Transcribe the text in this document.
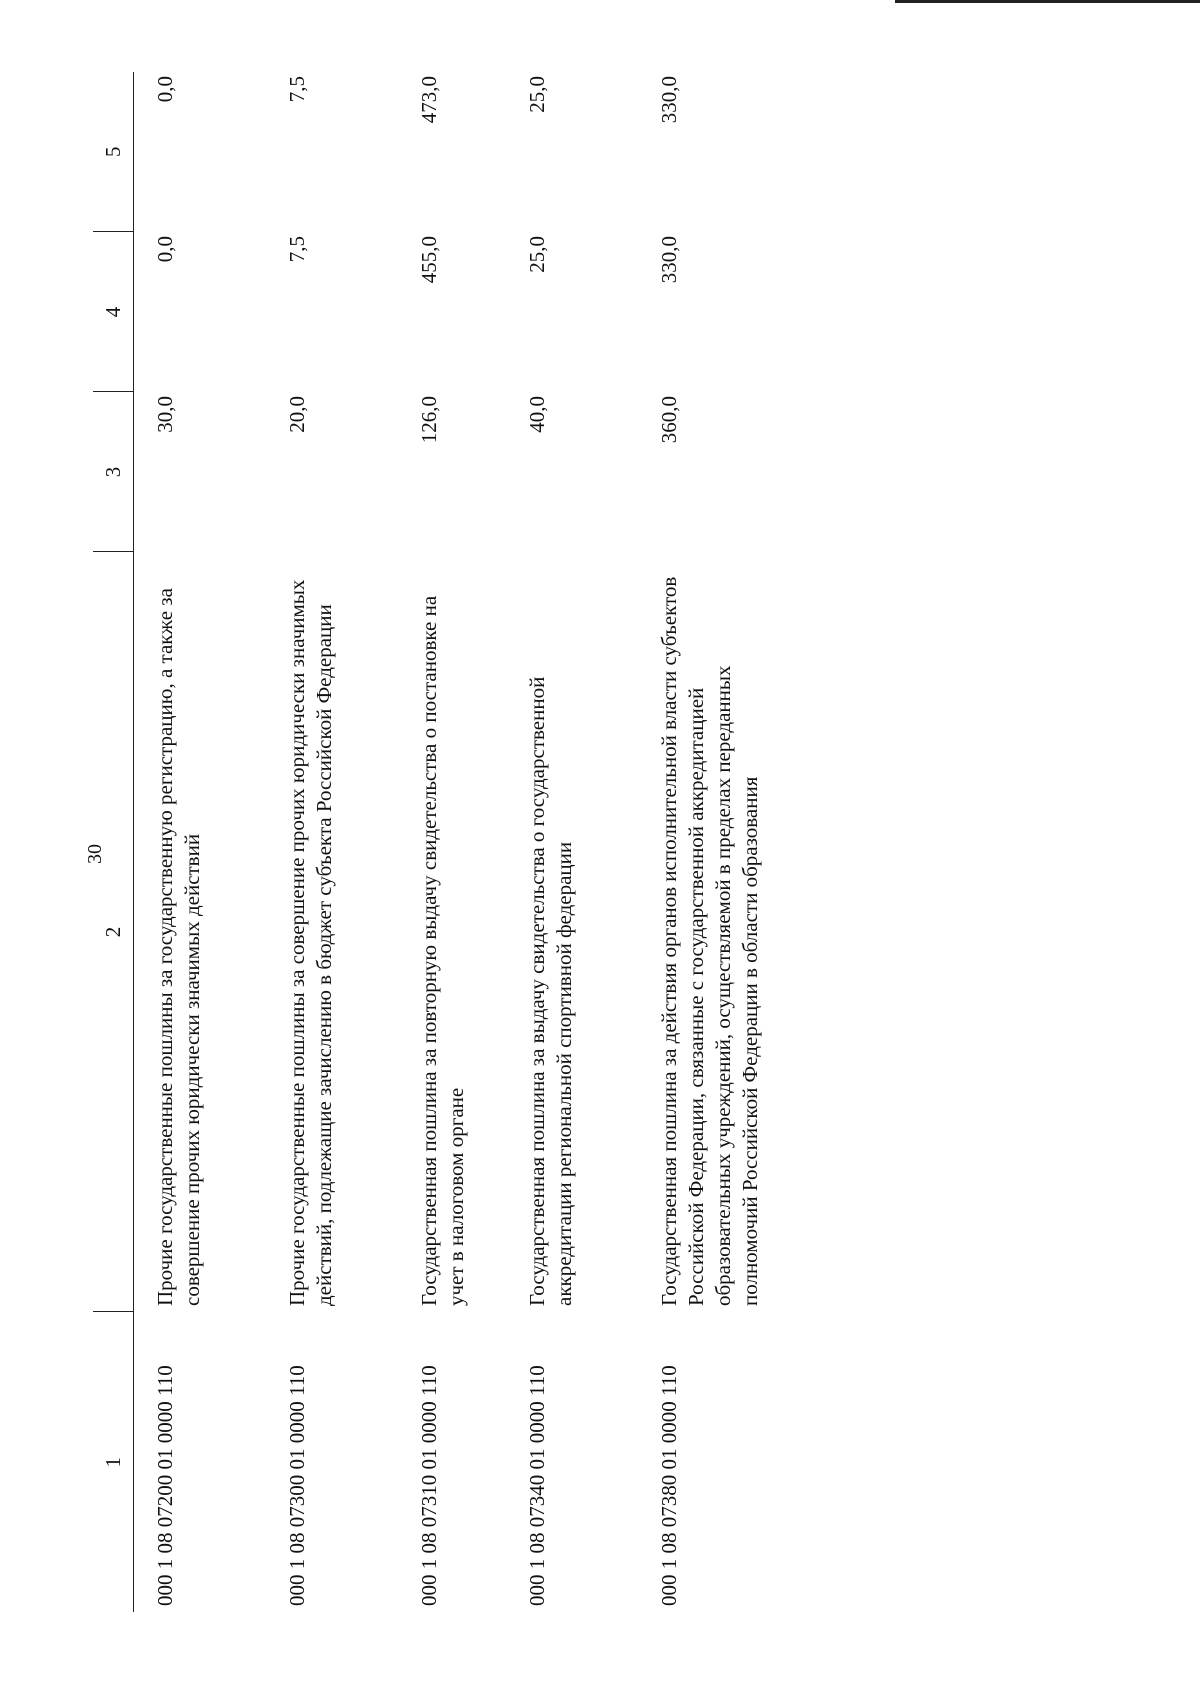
30
1	2	3	4	5

000 1 08 07200 01 0000 110	Прочие государственные пошлины за государственную регистрацию, а также за совершение прочих юридически значимых действий	30,0	0,0	0,0
000 1 08 07300 01 0000 110	Прочие государственные пошлины за совершение прочих юридически значимых действий, подлежащие зачислению в бюджет субъекта Российской Федерации	20,0	7,5	7,5
000 1 08 07310 01 0000 110	Государственная пошлина за повторную выдачу свидетельства о постановке на учет в налоговом органе	126,0	455,0	473,0
000 1 08 07340 01 0000 110	Государственная пошлина за выдачу свидетельства о государственной аккредитации региональной спортивной федерации	40,0	25,0	25,0
000 1 08 07380 01 0000 110	Государственная пошлина за действия органов исполнительной власти субъектов Российской Федерации, связанные с государственной аккредитацией образовательных учреждений, осуществляемой в пределах переданных полномочий Российской Федерации в области образования	360,0	330,0	330,0
